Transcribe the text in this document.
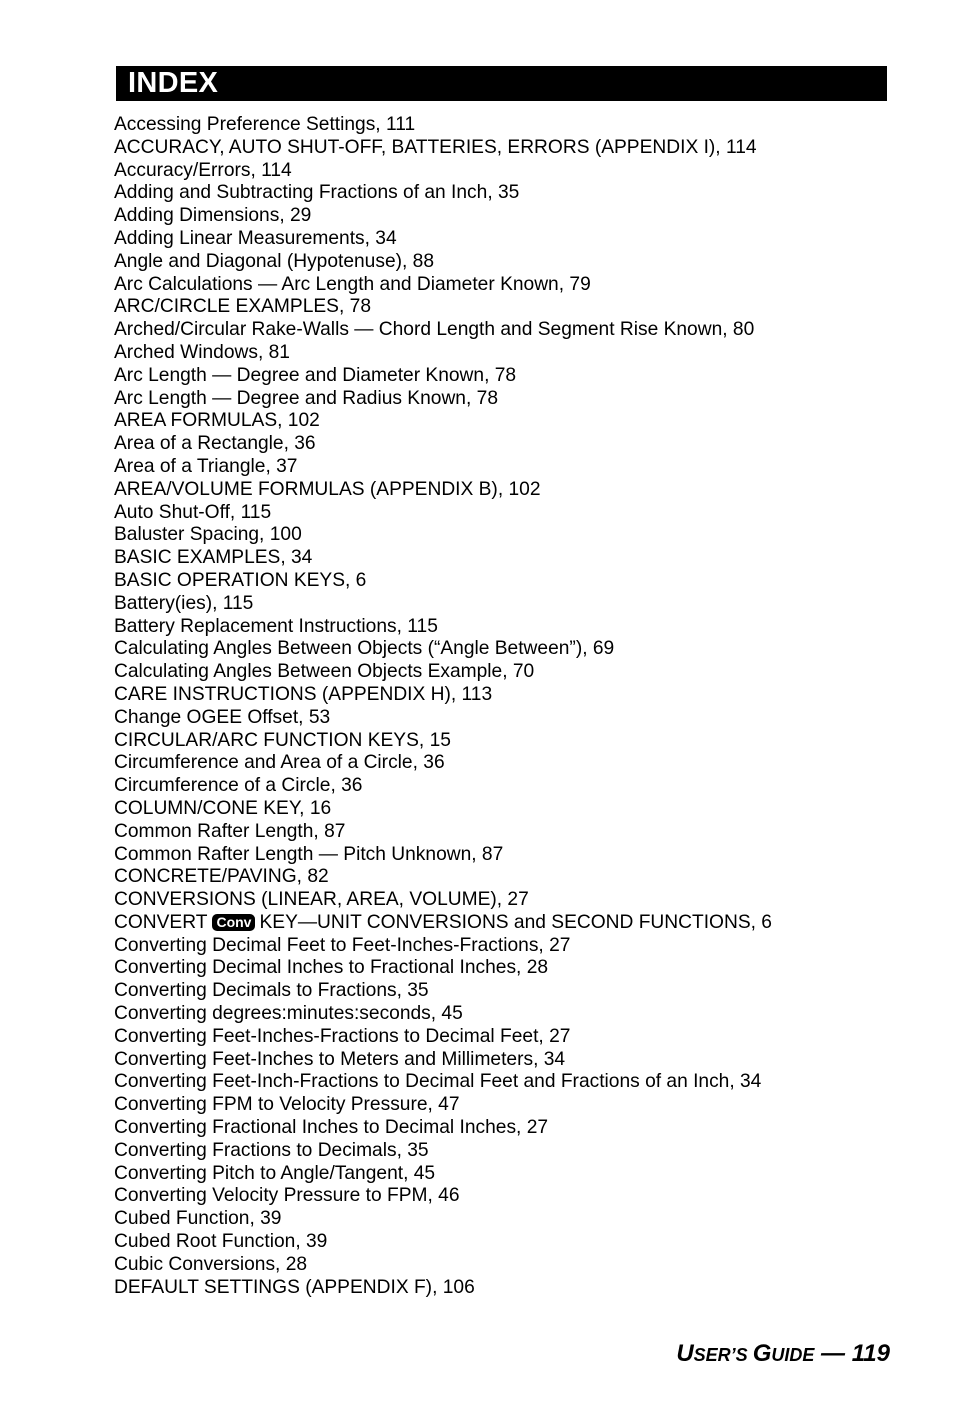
INDEX
Accessing Preference Settings, 111
ACCURACY, AUTO SHUT-OFF, BATTERIES, ERRORS (APPENDIX I), 114
Accuracy/Errors, 114
Adding and Subtracting Fractions of an Inch, 35
Adding Dimensions, 29
Adding Linear Measurements, 34
Angle and Diagonal (Hypotenuse), 88
Arc Calculations — Arc Length and Diameter Known, 79
ARC/CIRCLE EXAMPLES, 78
Arched/Circular Rake-Walls — Chord Length and Segment Rise Known, 80
Arched Windows, 81
Arc Length — Degree and Diameter Known, 78
Arc Length — Degree and Radius Known, 78
AREA FORMULAS, 102
Area of a Rectangle, 36
Area of a Triangle, 37
AREA/VOLUME FORMULAS (APPENDIX B), 102
Auto Shut-Off, 115
Baluster Spacing, 100
BASIC EXAMPLES, 34
BASIC OPERATION KEYS, 6
Battery(ies), 115
Battery Replacement Instructions, 115
Calculating Angles Between Objects (“Angle Between”), 69
Calculating Angles Between Objects Example, 70
CARE INSTRUCTIONS (APPENDIX H), 113
Change OGEE Offset, 53
CIRCULAR/ARC FUNCTION KEYS, 15
Circumference and Area of a Circle, 36
Circumference of a Circle, 36
COLUMN/CONE KEY, 16
Common Rafter Length, 87
Common Rafter Length — Pitch Unknown, 87
CONCRETE/PAVING, 82
CONVERSIONS (LINEAR, AREA, VOLUME), 27
CONVERT Conv KEY—UNIT CONVERSIONS and SECOND FUNCTIONS, 6
Converting Decimal Feet to Feet-Inches-Fractions, 27
Converting Decimal Inches to Fractional Inches, 28
Converting Decimals to Fractions, 35
Converting degrees:minutes:seconds, 45
Converting Feet-Inches-Fractions to Decimal Feet, 27
Converting Feet-Inches to Meters and Millimeters, 34
Converting Feet-Inch-Fractions to Decimal Feet and Fractions of an Inch, 34
Converting FPM to Velocity Pressure, 47
Converting Fractional Inches to Decimal Inches, 27
Converting Fractions to Decimals, 35
Converting Pitch to Angle/Tangent, 45
Converting Velocity Pressure to FPM, 46
Cubed Function, 39
Cubed Root Function, 39
Cubic Conversions, 28
DEFAULT SETTINGS (APPENDIX F), 106
USER’S GUIDE — 119
